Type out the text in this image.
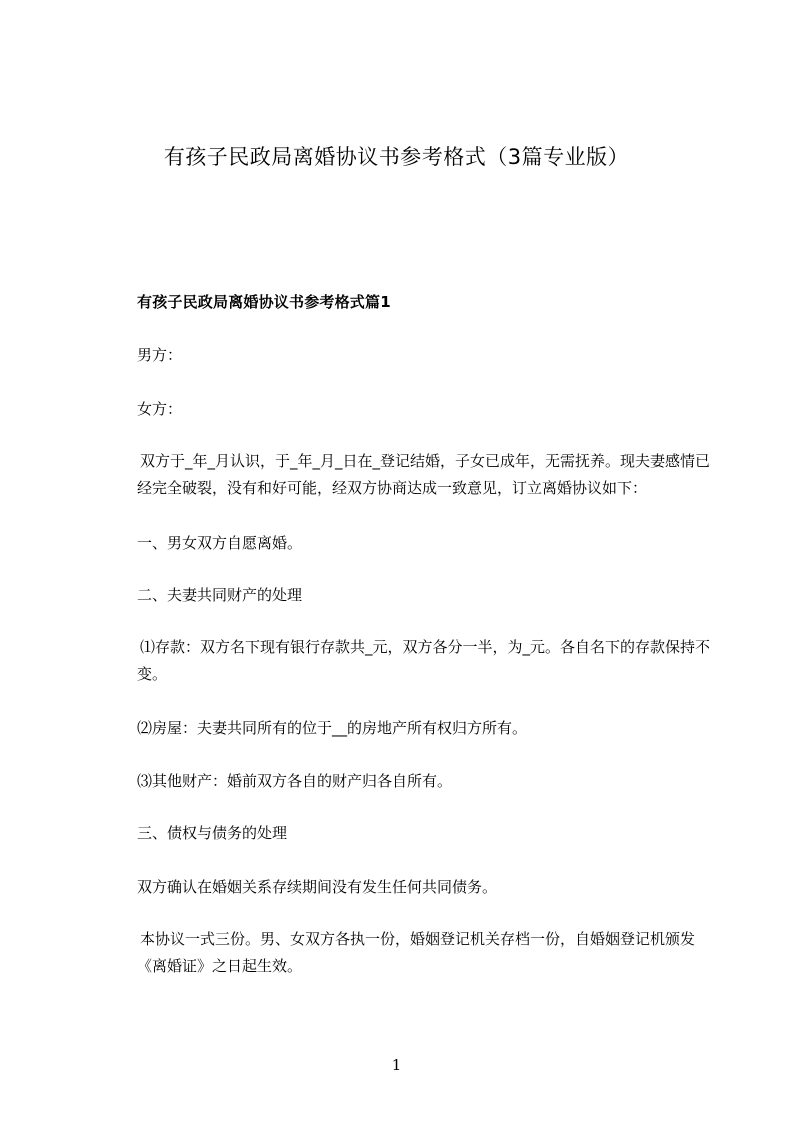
有孩子民政局离婚协议书参考格式（3篇专业版）
有孩子民政局离婚协议书参考格式篇1
男方：
女方：
双方于_年_月认识，于_年_月_日在_登记结婚，子女已成年，无需抚养。现夫妻感情已经完全破裂，没有和好可能，经双方协商达成一致意见，订立离婚协议如下：
一、男女双方自愿离婚。
二、夫妻共同财产的处理
⑴存款：双方名下现有银行存款共_元，双方各分一半，为_元。各自名下的存款保持不变。
⑵房屋：夫妻共同所有的位于__的房地产所有权归方所有。
⑶其他财产：婚前双方各自的财产归各自所有。
三、债权与债务的处理
双方确认在婚姻关系存续期间没有发生任何共同债务。
本协议一式三份。男、女双方各执一份，婚姻登记机关存档一份，自婚姻登记机颁发《离婚证》之日起生效。
1
